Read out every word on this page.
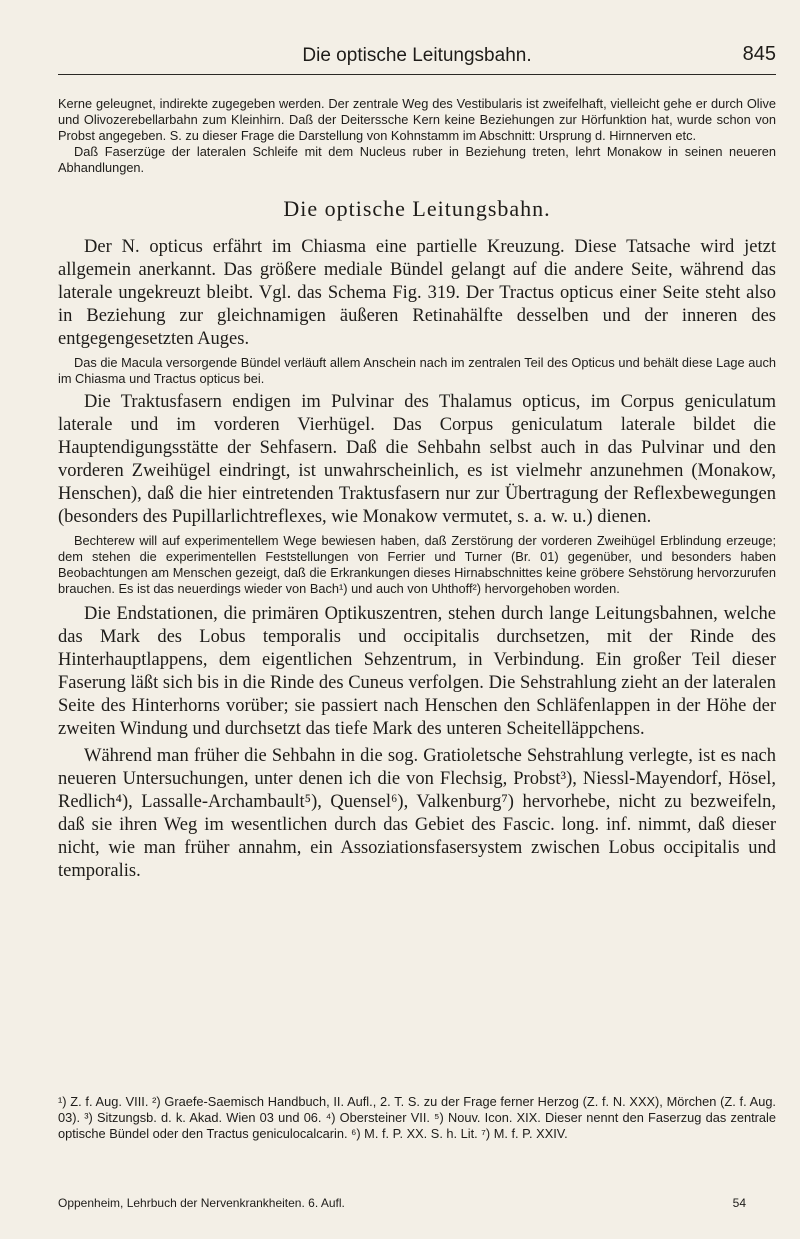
Die optische Leitungsbahn.	845

Kerne geleugnet, indirekte zugegeben werden. Der zentrale Weg des Vestibularis ist zweifelhaft, vielleicht gehe er durch Olive und Olivozerebellarbahn zum Kleinhirn. Daß der Deiterssche Kern keine Beziehungen zur Hörfunktion hat, wurde schon von Probst angegeben. S. zu dieser Frage die Darstellung von Kohnstamm im Abschnitt: Ursprung d. Hirnnerven etc.

Daß Faserzüge der lateralen Schleife mit dem Nucleus ruber in Beziehung treten, lehrt Monakow in seinen neueren Abhandlungen.

Die optische Leitungsbahn.

Der N. opticus erfährt im Chiasma eine partielle Kreuzung. Diese Tatsache wird jetzt allgemein anerkannt. Das größere mediale Bündel gelangt auf die andere Seite, während das laterale ungekreuzt bleibt. Vgl. das Schema Fig. 319. Der Tractus opticus einer Seite steht also in Beziehung zur gleichnamigen äußeren Retinahälfte desselben und der inneren des entgegengesetzten Auges.

Das die Macula versorgende Bündel verläuft allem Anschein nach im zentralen Teil des Opticus und behält diese Lage auch im Chiasma und Tractus opticus bei.

Die Traktusfasern endigen im Pulvinar des Thalamus opticus, im Corpus geniculatum laterale und im vorderen Vierhügel. Das Corpus geniculatum laterale bildet die Hauptendigungsstätte der Sehfasern. Daß die Sehbahn selbst auch in das Pulvinar und den vorderen Zweihügel eindringt, ist unwahrscheinlich, es ist vielmehr anzunehmen (Monakow, Henschen), daß die hier eintretenden Traktusfasern nur zur Übertragung der Reflexbewegungen (besonders des Pupillarlichtreflexes, wie Monakow vermutet, s. a. w. u.) dienen.

Bechterew will auf experimentellem Wege bewiesen haben, daß Zerstörung der vorderen Zweihügel Erblindung erzeuge; dem stehen die experimentellen Feststellungen von Ferrier und Turner (Br. 01) gegenüber, und besonders haben Beobachtungen am Menschen gezeigt, daß die Erkrankungen dieses Hirnabschnittes keine gröbere Sehstörung hervorzurufen brauchen. Es ist das neuerdings wieder von Bach¹) und auch von Uhthoff²) hervorgehoben worden.

Die Endstationen, die primären Optikuszentren, stehen durch lange Leitungsbahnen, welche das Mark des Lobus temporalis und occipitalis durchsetzen, mit der Rinde des Hinterhauptlappens, dem eigentlichen Sehzentrum, in Verbindung. Ein großer Teil dieser Faserung läßt sich bis in die Rinde des Cuneus verfolgen. Die Sehstrahlung zieht an der lateralen Seite des Hinterhorns vorüber; sie passiert nach Henschen den Schläfenlappen in der Höhe der zweiten Windung und durchsetzt das tiefe Mark des unteren Scheitelläppchens.

Während man früher die Sehbahn in die sog. Gratioletsche Sehstrahlung verlegte, ist es nach neueren Untersuchungen, unter denen ich die von Flechsig, Probst³), Niessl-Mayendorf, Hösel, Redlich⁴), Lassalle-Archambault⁵), Quensel⁶), Valkenburg⁷) hervorhebe, nicht zu bezweifeln, daß sie ihren Weg im wesentlichen durch das Gebiet des Fascic. long. inf. nimmt, daß dieser nicht, wie man früher annahm, ein Assoziationsfasersystem zwischen Lobus occipitalis und temporalis.

¹) Z. f. Aug. VIII. ²) Graefe-Saemisch Handbuch, II. Aufl., 2. T. S. zu der Frage ferner Herzog (Z. f. N. XXX), Mörchen (Z. f. Aug. 03). ³) Sitzungsb. d. k. Akad. Wien 03 und 06. ⁴) Obersteiner VII. ⁵) Nouv. Icon. XIX. Dieser nennt den Faserzug das zentrale optische Bündel oder den Tractus geniculocalcarin. ⁶) M. f. P. XX. S. h. Lit. ⁷) M. f. P. XXIV.

Oppenheim, Lehrbuch der Nervenkrankheiten. 6. Aufl.	54
